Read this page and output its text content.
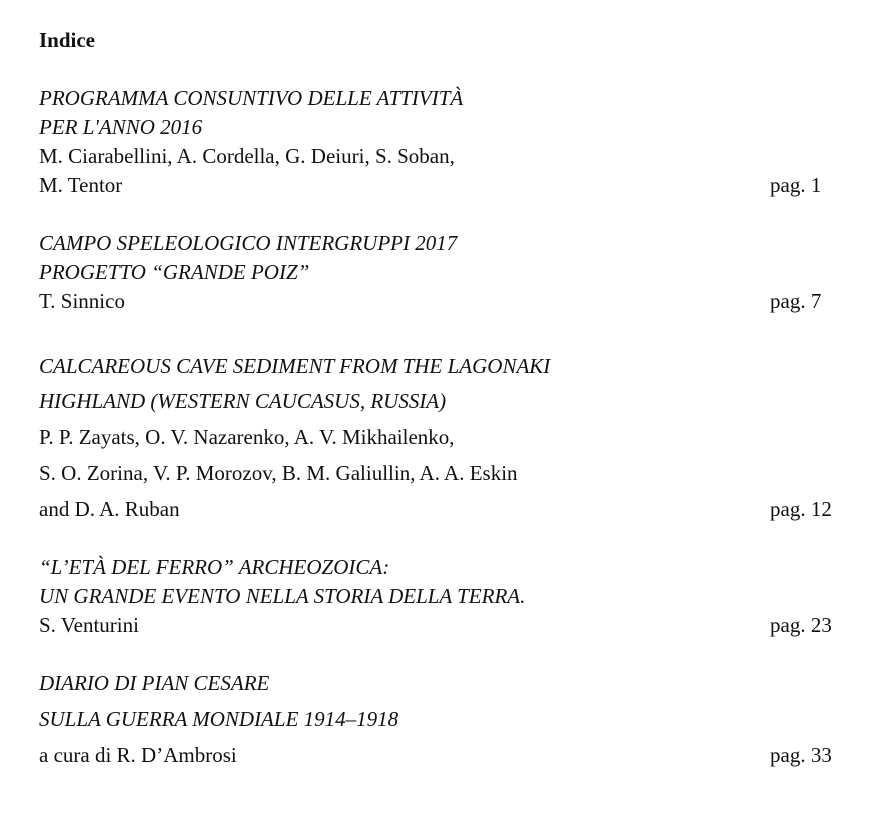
Indice
PROGRAMMA CONSUNTIVO DELLE ATTIVITÀ
PER L'ANNO 2016
M. Ciarabellini, A. Cordella, G. Deiuri, S. Soban,
M. Tentor	pag. 1
CAMPO SPELEOLOGICO INTERGRUPPI 2017
PROGETTO “GRANDE POIZ”
T. Sinnico	pag. 7
CALCAREOUS CAVE SEDIMENT FROM THE LAGONAKI
HIGHLAND (WESTERN CAUCASUS, RUSSIA)
P. P. Zayats, O. V. Nazarenko, A. V. Mikhailenko,
S. O. Zorina, V. P. Morozov, B. M. Galiullin, A. A. Eskin
and D. A. Ruban	pag. 12
“L’ETÀ DEL FERRO” ARCHEOZOICA:
UN GRANDE EVENTO NELLA STORIA DELLA TERRA.
S. Venturini	pag. 23
DIARIO DI PIAN CESARE
SULLA GUERRA MONDIALE 1914–1918
a cura di R. D’Ambrosi	pag. 33
